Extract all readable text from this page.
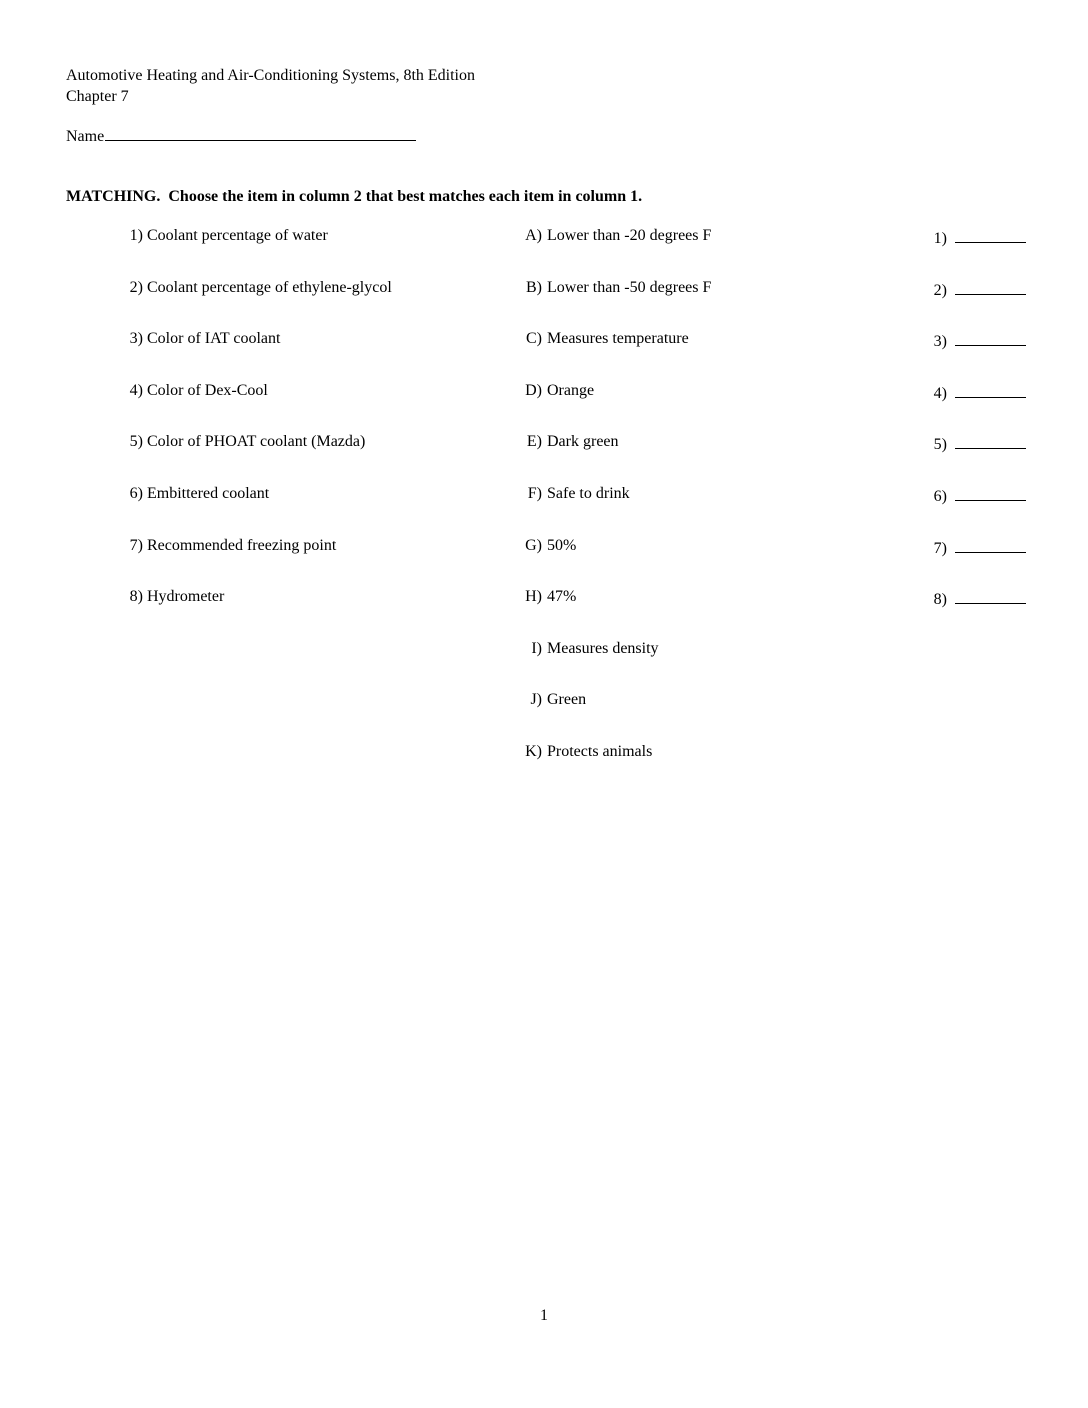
Automotive Heating and Air-Conditioning Systems, 8th Edition
Chapter 7
Name
MATCHING.  Choose the item in column 2 that best matches each item in column 1.
1) Coolant percentage of water	A) Lower than -20 degrees F	1)
2) Coolant percentage of ethylene-glycol	B) Lower than -50 degrees F	2)
3) Color of IAT coolant	C) Measures temperature	3)
4) Color of Dex-Cool	D) Orange	4)
5) Color of PHOAT coolant (Mazda)	E) Dark green	5)
6) Embittered coolant	F) Safe to drink	6)
7) Recommended freezing point	G) 50%	7)
8) Hydrometer	H) 47%	8)
I) Measures density
J) Green
K) Protects animals
1
